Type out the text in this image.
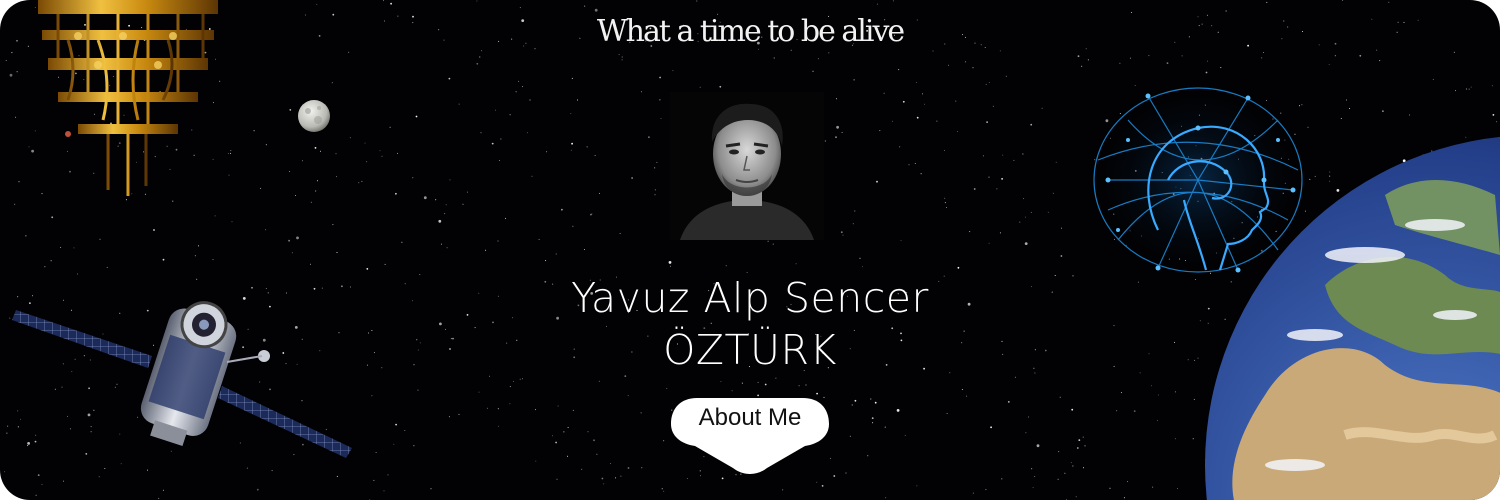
What a time to be alive
Yavuz Alp Sencer
ÖZTÜRK
About Me
